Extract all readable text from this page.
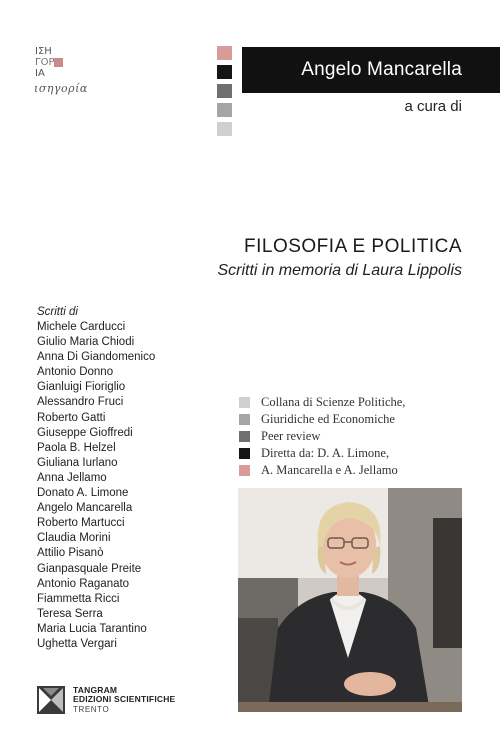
ΙΣΗ
ΓΟΡ
ΙΑ
ισηγορία
Angelo Mancarella
a cura di
FILOSOFIA E POLITICA
Scritti in memoria di Laura Lippolis
Scritti di
Michele Carducci
Giulio Maria Chiodi
Anna Di Giandomenico
Antonio Donno
Gianluigi Fioriglio
Alessandro Fruci
Roberto Gatti
Giuseppe Gioffredi
Paola B. Helzel
Giuliana Iurlano
Anna Jellamo
Donato A. Limone
Angelo Mancarella
Roberto Martucci
Claudia Morini
Attilio Pisanò
Gianpasquale Preite
Antonio Raganato
Fiammetta Ricci
Teresa Serra
Maria Lucia Tarantino
Ughetta Vergari
Collana di Scienze Politiche,
Giuridiche ed Economiche
Peer review
Diretta da: D. A. Limone,
A. Mancarella e A. Jellamo
TANGRAM
EDIZIONI SCIENTIFICHE
TRENTO
